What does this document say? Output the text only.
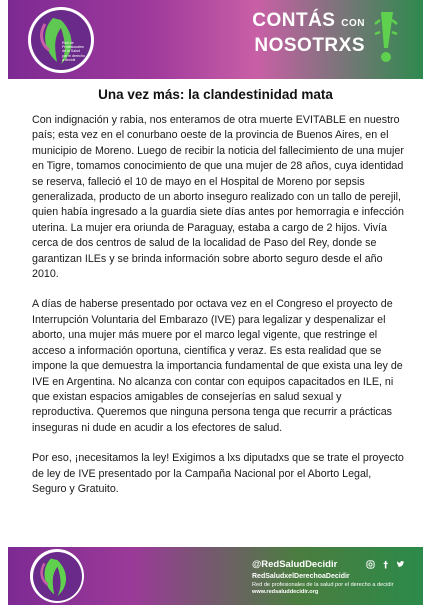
Red de
Profesionales
de la Salud
por el derecho
a decidir
CONTÁS CON
NOSOTRXS
Una vez más: la clandestinidad mata

Con indignación y rabia, nos enteramos de otra muerte EVITABLE en nuestro país; esta vez en el conurbano oeste de la provincia de Buenos Aires, en el municipio de Moreno. Luego de recibir la noticia del fallecimiento de una mujer en Tigre, tomamos conocimiento de que una mujer de 28 años, cuya identidad se reserva, falleció el 10 de mayo en el Hospital de Moreno por sepsis generalizada, producto de un aborto inseguro realizado con un tallo de perejil, quien había ingresado a la guardia siete días antes por hemorragia e infección uterina. La mujer era oriunda de Paraguay, estaba a cargo de 2 hijos. Vivía cerca de dos centros de salud de la localidad de Paso del Rey, donde se garantizan ILEs y se brinda información sobre aborto seguro desde el año 2010.

A días de haberse presentado por octava vez en el Congreso el proyecto de Interrupción Voluntaria del Embarazo (IVE) para legalizar y despenalizar el aborto, una mujer más muere por el marco legal vigente, que restringe el acceso a información oportuna, científica y veraz. Es esta realidad que se impone la que demuestra la importancia fundamental de que exista una ley de IVE en Argentina. No alcanza con contar con equipos capacitados en ILE, ni que existan espacios amigables de consejerías en salud sexual y reproductiva. Queremos que ninguna persona tenga que recurrir a prácticas inseguras ni dude en acudir a los efectores de salud.

Por eso, ¡necesitamos la ley! Exigimos a lxs diputadxs que se trate el proyecto de ley de IVE presentado por la Campaña Nacional por el Aborto Legal, Seguro y Gratuito.

@RedSaludDecidir
RedSaludxelDerechoaDecidir
Red de profesionales de la salud por el derecho a decidir
www.redsaluddecidir.org
